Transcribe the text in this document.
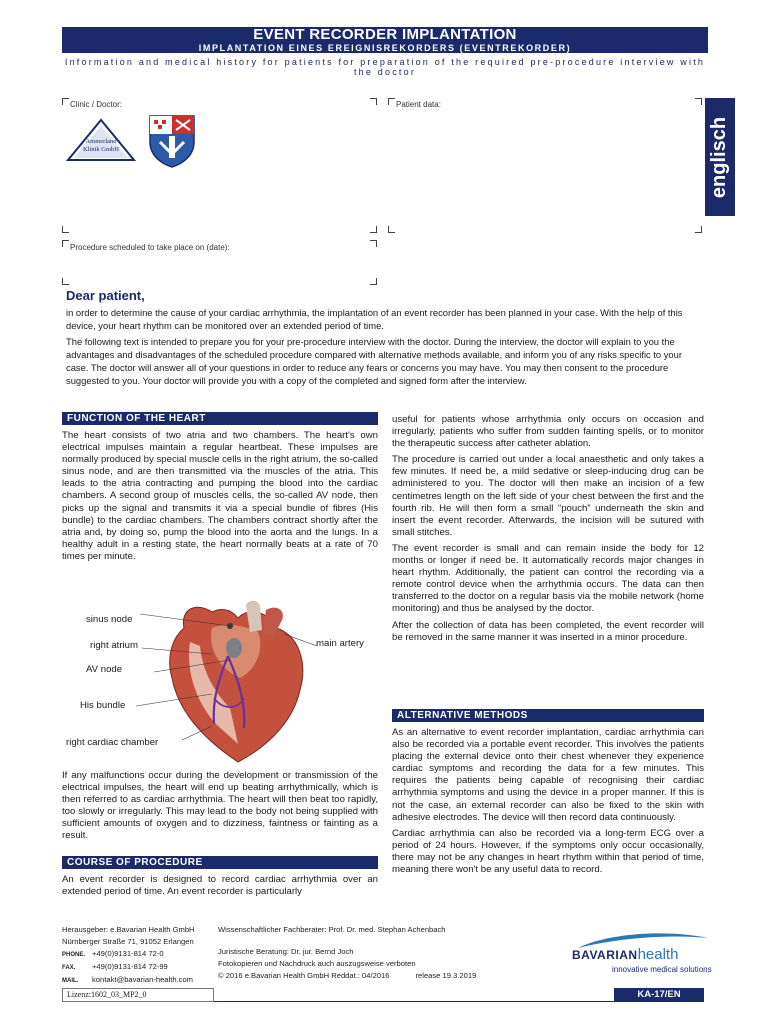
EVENT RECORDER IMPLANTATION
IMPLANTATION EINES EREIGNISREKORDERS (EVENTREKORDER)
Information and medical history for patients for preparation of the required pre-procedure interview with the doctor
englisch
Clinic / Doctor:
Ammerland
Klinik GmbH
Patient data:
Procedure scheduled to take place on (date):
Dear patient,

in order to determine the cause of your cardiac arrhythmia, the implantation of an event recorder has been planned in your case. With the help of this device, your heart rhythm can be monitored over an extended period of time.

The following text is intended to prepare you for your pre-procedure interview with the doctor. During the interview, the doctor will explain to you the advantages and disadvantages of the scheduled procedure compared with alternative methods available, and inform you of any risks specific to your case. The doctor will answer all of your questions in order to reduce any fears or concerns you may have. You may then consent to the procedure suggested to you. Your doctor will provide you with a copy of the completed and signed form after the interview.

FUNCTION OF THE HEART

The heart consists of two atria and two chambers. The heart's own electrical impulses maintain a regular heartbeat. These impulses are normally produced by special muscle cells in the right atrium, the so-called sinus node, and are then transmitted via the muscles of the atria. This leads to the atria contracting and pumping the blood into the cardiac chambers. A second group of muscles cells, the so-called AV node, then picks up the signal and transmits it via a special bundle of fibres (His bundle) to the cardiac chambers. The chambers contract shortly after the atria and, by doing so, pump the blood into the aorta and the lungs. In a healthy adult in a resting state, the heart normally beats at a rate of 70 times per minute.

sinus node
right atrium
AV node
His bundle
right cardiac chamber
main artery

If any malfunctions occur during the development or transmission of the electrical impulses, the heart will end up beating arrhythmically, which is then referred to as cardiac arrhythmia. The heart will then beat too rapidly, too slowly or irregularly. This may lead to the body not being supplied with sufficient amounts of oxygen and to dizziness, faintness or fainting as a result.

COURSE OF PROCEDURE

An event recorder is designed to record cardiac arrhythmia over an extended period of time. An event recorder is particularly

useful for patients whose arrhythmia only occurs on occasion and irregularly, patients who suffer from sudden fainting spells, or to monitor the therapeutic success after catheter ablation.

The procedure is carried out under a local anaesthetic and only takes a few minutes. If need be, a mild sedative or sleep-inducing drug can be administered to you. The doctor will then make an incision of a few centimetres length on the left side of your chest between the first and the fourth rib. He will then form a small “pouch” underneath the skin and insert the event recorder. Afterwards, the incision will be sutured with small stitches.

The event recorder is small and can remain inside the body for 12 months or longer if need be. It automatically records major changes in heart rhythm. Additionally, the patient can control the recording via a remote control device when the arrhythmia occurs. The data can then transferred to the doctor on a regular basis via the mobile network (home monitoring) and thus be analysed by the doctor.

After the collection of data has been completed, the event recorder will be removed in the same manner it was inserted in a minor procedure.

ALTERNATIVE METHODS

As an alternative to event recorder implantation, cardiac arrhythmia can also be recorded via a portable event recorder. This involves the patients placing the external device onto their chest whenever they experience cardiac symptoms and recording the data for a few minutes. This requires the patients being capable of recognising their cardiac arrhythmia symptoms and using the device in a proper manner. If this is not the case, an external recorder can also be fixed to the skin with adhesive electrodes. The device will then record data continuously.

Cardiac arrhythmia can also be recorded via a long-term ECG over a period of 24 hours. However, if the symptoms only occur occasionally, there may not be any changes in heart rhythm within that period of time, meaning there won't be any useful data to record.

Herausgeber: e.Bavarian Health GmbH
Nürnberger Straße 71, 91052 Erlangen
PHONE. +49(0)9131-814 72-0
FAX. +49(0)9131-814 72-99
MAIL. kontakt@bavarian-health.com
Wissenschaftlicher Fachberater: Prof. Dr. med. Stephan Achenbach
Juristische Beratung: Dr. jur. Bernd Joch
Fotokopieren und Nachdruck auch auszugsweise verboten
© 2016 e.Bavarian Health GmbH Reddat.: 04/2016	release 19.3.2019
BAVARIANhealth
innovative medical solutions
Lizenz:1602_03_MP2_0	KA-17/EN
